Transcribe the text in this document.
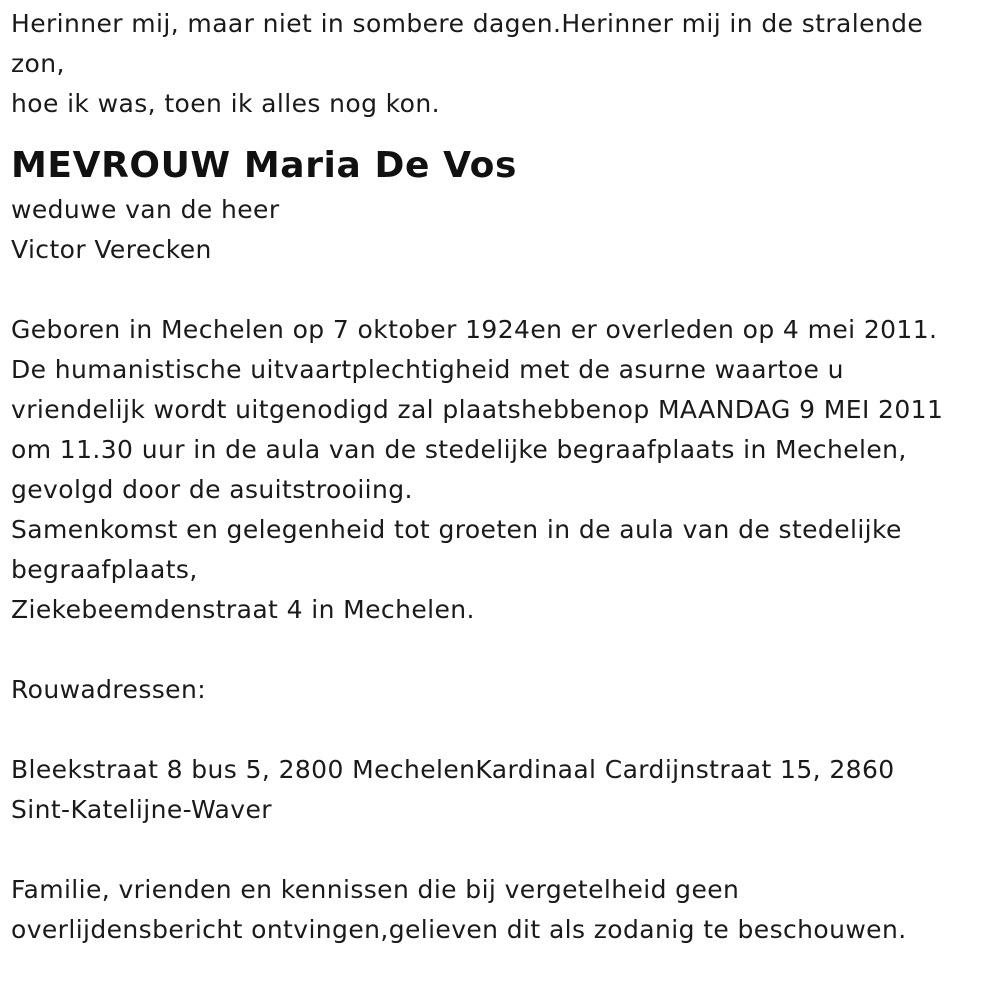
Herinner mij, maar niet in sombere dagen.Herinner mij in de stralende
zon,
hoe ik was, toen ik alles nog kon.
MEVROUW Maria De Vos
weduwe van de heer
Victor Verecken
Geboren in Mechelen op 7 oktober 1924en er overleden op 4 mei 2011.
De humanistische uitvaartplechtigheid met de asurne waartoe u
vriendelijk wordt uitgenodigd zal plaatshebbenop MAANDAG 9 MEI 2011
om 11.30 uur in de aula van de stedelijke begraafplaats in Mechelen,
gevolgd door de asuitstrooiing.
Samenkomst en gelegenheid tot groeten in de aula van de stedelijke
begraafplaats,
Ziekebeemdenstraat 4 in Mechelen.
Rouwadressen:
Bleekstraat 8 bus 5, 2800 MechelenKardinaal Cardijnstraat 15, 2860
Sint-Katelijne-Waver
Familie, vrienden en kennissen die bij vergetelheid geen
overlijdensbericht ontvingen,gelieven dit als zodanig te beschouwen.
